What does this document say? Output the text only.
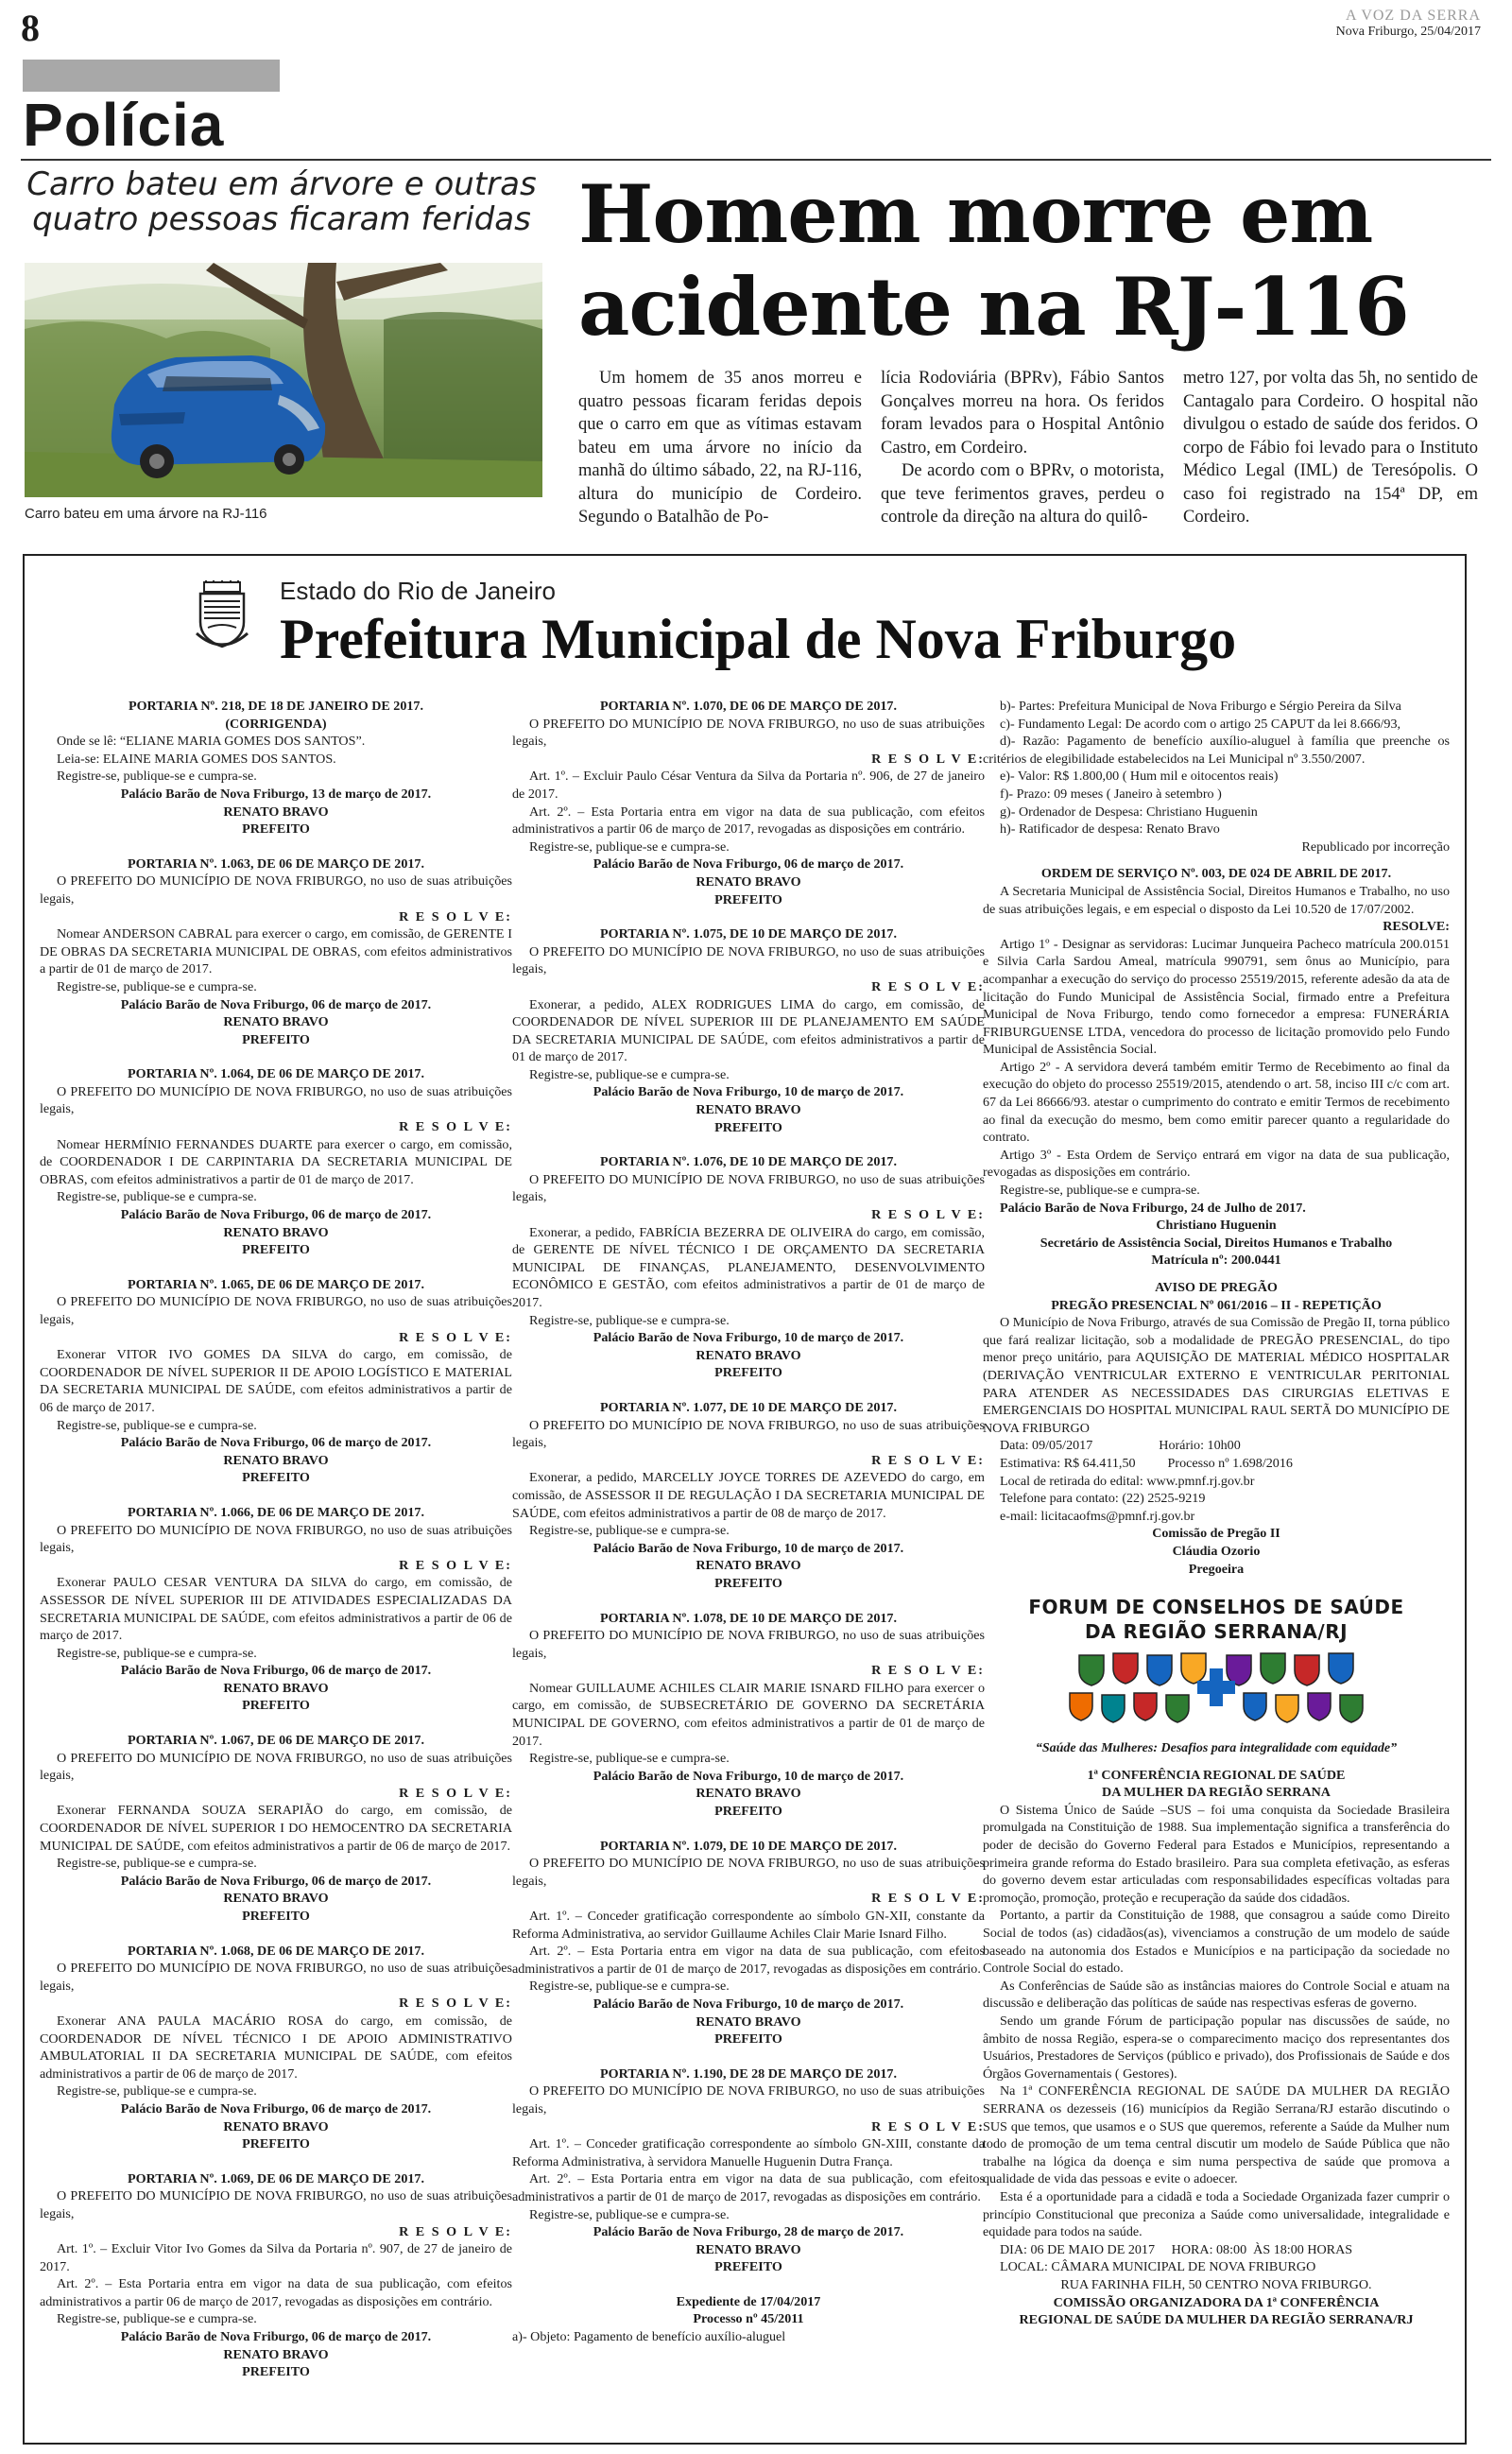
8	A VOZ DA SERRA
Nova Friburgo, 25/04/2017
Polícia
Carro bateu em árvore e outras quatro pessoas ficaram feridas
Carro bateu em uma árvore na RJ-116
Homem morre em acidente na RJ-116

Um homem de 35 anos morreu e quatro pessoas ficaram feridas depois que o carro em que as vítimas estavam bateu em uma árvore no início da manhã do último sábado, 22, na RJ-116, altura do município de Cordeiro. Segundo o Batalhão de Po-

lícia Rodoviária (BPRv), Fábio Santos Gonçalves morreu na hora. Os feridos foram levados para o Hospital Antônio Castro, em Cordeiro.

De acordo com o BPRv, o motorista, que teve ferimentos graves, perdeu o controle da direção na altura do quilô-

metro 127, por volta das 5h, no sentido de Cantagalo para Cordeiro. O hospital não divulgou o estado de saúde dos feridos. O corpo de Fábio foi levado para o Instituto Médico Legal (IML) de Teresópolis. O caso foi registrado na 154ª DP, em Cordeiro.

Estado do Rio de Janeiro
Prefeitura Municipal de Nova Friburgo

PORTARIA Nº. 218, DE 18 DE JANEIRO DE 2017.

(CORRIGENDA)

Onde se lê: “ELIANE MARIA GOMES DOS SANTOS”.

Leia-se: ELAINE MARIA GOMES DOS SANTOS.

Registre-se, publique-se e cumpra-se.

Palácio Barão de Nova Friburgo, 13 de março de 2017.

RENATO BRAVO

PREFEITO

PORTARIA Nº. 1.063, DE 06 DE MARÇO DE 2017.

O PREFEITO DO MUNICÍPIO DE NOVA FRIBURGO, no uso de suas atribuições legais,

R E S O L V E:

Nomear ANDERSON CABRAL para exercer o cargo, em comissão, de GERENTE I DE OBRAS DA SECRETARIA MUNICIPAL DE OBRAS, com efeitos administrativos a partir de 01 de março de 2017.

Registre-se, publique-se e cumpra-se.

Palácio Barão de Nova Friburgo, 06 de março de 2017.

RENATO BRAVO

PREFEITO

PORTARIA Nº. 1.064, DE 06 DE MARÇO DE 2017.

O PREFEITO DO MUNICÍPIO DE NOVA FRIBURGO, no uso de suas atribuições legais,

R E S O L V E:

Nomear HERMÍNIO FERNANDES DUARTE para exercer o cargo, em comissão, de COORDENADOR I DE CARPINTARIA DA SECRETARIA MUNICIPAL DE OBRAS, com efeitos administrativos a partir de 01 de março de 2017.

Registre-se, publique-se e cumpra-se.

Palácio Barão de Nova Friburgo, 06 de março de 2017.

RENATO BRAVO

PREFEITO

PORTARIA Nº. 1.065, DE 06 DE MARÇO DE 2017.

O PREFEITO DO MUNICÍPIO DE NOVA FRIBURGO, no uso de suas atribuições legais,

R E S O L V E:

Exonerar VITOR IVO GOMES DA SILVA do cargo, em comissão, de COORDENADOR DE NÍVEL SUPERIOR II DE APOIO LOGÍSTICO E MATERIAL DA SECRETARIA MUNICIPAL DE SAÚDE, com efeitos administrativos a partir de 06 de março de 2017.

Registre-se, publique-se e cumpra-se.

Palácio Barão de Nova Friburgo, 06 de março de 2017.

RENATO BRAVO

PREFEITO

PORTARIA Nº. 1.066, DE 06 DE MARÇO DE 2017.

O PREFEITO DO MUNICÍPIO DE NOVA FRIBURGO, no uso de suas atribuições legais,

R E S O L V E:

Exonerar PAULO CESAR VENTURA DA SILVA do cargo, em comissão, de ASSESSOR DE NÍVEL SUPERIOR III DE ATIVIDADES ESPECIALIZADAS DA SECRETARIA MUNICIPAL DE SAÚDE, com efeitos administrativos a partir de 06 de março de 2017.

Registre-se, publique-se e cumpra-se.

Palácio Barão de Nova Friburgo, 06 de março de 2017.

RENATO BRAVO

PREFEITO

PORTARIA Nº. 1.067, DE 06 DE MARÇO DE 2017.

O PREFEITO DO MUNICÍPIO DE NOVA FRIBURGO, no uso de suas atribuições legais,

R E S O L V E:

Exonerar FERNANDA SOUZA SERAPIÃO do cargo, em comissão, de COORDENADOR DE NÍVEL SUPERIOR I DO HEMOCENTRO DA SECRETARIA MUNICIPAL DE SAÚDE, com efeitos administrativos a partir de 06 de março de 2017.

Registre-se, publique-se e cumpra-se.

Palácio Barão de Nova Friburgo, 06 de março de 2017.

RENATO BRAVO

PREFEITO

PORTARIA Nº. 1.068, DE 06 DE MARÇO DE 2017.

O PREFEITO DO MUNICÍPIO DE NOVA FRIBURGO, no uso de suas atribuições legais,

R E S O L V E:

Exonerar ANA PAULA MACÁRIO ROSA do cargo, em comissão, de COORDENADOR DE NÍVEL TÉCNICO I DE APOIO ADMINISTRATIVO AMBULATORIAL II DA SECRETARIA MUNICIPAL DE SAÚDE, com efeitos administrativos a partir de 06 de março de 2017.

Registre-se, publique-se e cumpra-se.

Palácio Barão de Nova Friburgo, 06 de março de 2017.

RENATO BRAVO

PREFEITO

PORTARIA Nº. 1.069, DE 06 DE MARÇO DE 2017.

O PREFEITO DO MUNICÍPIO DE NOVA FRIBURGO, no uso de suas atribuições legais,

R E S O L V E:

Art. 1º. – Excluir Vitor Ivo Gomes da Silva da Portaria nº. 907, de 27 de janeiro de 2017.

Art. 2º. – Esta Portaria entra em vigor na data de sua publicação, com efeitos administrativos a partir 06 de março de 2017, revogadas as disposições em contrário.

Registre-se, publique-se e cumpra-se.

Palácio Barão de Nova Friburgo, 06 de março de 2017.

RENATO BRAVO

PREFEITO

PORTARIA Nº. 1.070, DE 06 DE MARÇO DE 2017.

O PREFEITO DO MUNICÍPIO DE NOVA FRIBURGO, no uso de suas atribuições legais,

R E S O L V E:

Art. 1º. – Excluir Paulo César Ventura da Silva da Portaria nº. 906, de 27 de janeiro de 2017.

Art. 2º. – Esta Portaria entra em vigor na data de sua publicação, com efeitos administrativos a partir 06 de março de 2017, revogadas as disposições em contrário.

Registre-se, publique-se e cumpra-se.

Palácio Barão de Nova Friburgo, 06 de março de 2017.

RENATO BRAVO

PREFEITO

PORTARIA Nº. 1.075, DE 10 DE MARÇO DE 2017.

O PREFEITO DO MUNICÍPIO DE NOVA FRIBURGO, no uso de suas atribuições legais,

R E S O L V E:

Exonerar, a pedido, ALEX RODRIGUES LIMA do cargo, em comissão, de COORDENADOR DE NÍVEL SUPERIOR III DE PLANEJAMENTO EM SAÚDE DA SECRETARIA MUNICIPAL DE SAÚDE, com efeitos administrativos a partir de 01 de março de 2017.

Registre-se, publique-se e cumpra-se.

Palácio Barão de Nova Friburgo, 10 de março de 2017.

RENATO BRAVO

PREFEITO

PORTARIA Nº. 1.076, DE 10 DE MARÇO DE 2017.

O PREFEITO DO MUNICÍPIO DE NOVA FRIBURGO, no uso de suas atribuições legais,

R E S O L V E:

Exonerar, a pedido, FABRÍCIA BEZERRA DE OLIVEIRA do cargo, em comissão, de GERENTE DE NÍVEL TÉCNICO I DE ORÇAMENTO DA SECRETARIA MUNICIPAL DE FINANÇAS, PLANEJAMENTO, DESENVOLVIMENTO ECONÔMICO E GESTÃO, com efeitos administrativos a partir de 01 de março de 2017.

Registre-se, publique-se e cumpra-se.

Palácio Barão de Nova Friburgo, 10 de março de 2017.

RENATO BRAVO

PREFEITO

PORTARIA Nº. 1.077, DE 10 DE MARÇO DE 2017.

O PREFEITO DO MUNICÍPIO DE NOVA FRIBURGO, no uso de suas atribuições legais,

R E S O L V E:

Exonerar, a pedido, MARCELLY JOYCE TORRES DE AZEVEDO do cargo, em comissão, de ASSESSOR II DE REGULAÇÃO I DA SECRETARIA MUNICIPAL DE SAÚDE, com efeitos administrativos a partir de 08 de março de 2017.

Registre-se, publique-se e cumpra-se.

Palácio Barão de Nova Friburgo, 10 de março de 2017.

RENATO BRAVO

PREFEITO

PORTARIA Nº. 1.078, DE 10 DE MARÇO DE 2017.

O PREFEITO DO MUNICÍPIO DE NOVA FRIBURGO, no uso de suas atribuições legais,

R E S O L V E:

Nomear GUILLAUME ACHILES CLAIR MARIE ISNARD FILHO para exercer o cargo, em comissão, de SUBSECRETÁRIO DE GOVERNO DA SECRETÁRIA MUNICIPAL DE GOVERNO, com efeitos administrativos a partir de 01 de março de 2017.

Registre-se, publique-se e cumpra-se.

Palácio Barão de Nova Friburgo, 10 de março de 2017.

RENATO BRAVO

PREFEITO

PORTARIA Nº. 1.079, DE 10 DE MARÇO DE 2017.

O PREFEITO DO MUNICÍPIO DE NOVA FRIBURGO, no uso de suas atribuições legais,

R E S O L V E:

Art. 1º. – Conceder gratificação correspondente ao símbolo GN-XII, constante da Reforma Administrativa, ao servidor Guillaume Achiles Clair Marie Isnard Filho.

Art. 2º. – Esta Portaria entra em vigor na data de sua publicação, com efeitos administrativos a partir de 01 de março de 2017, revogadas as disposições em contrário.

Registre-se, publique-se e cumpra-se.

Palácio Barão de Nova Friburgo, 10 de março de 2017.

RENATO BRAVO

PREFEITO

PORTARIA Nº. 1.190, DE 28 DE MARÇO DE 2017.

O PREFEITO DO MUNICÍPIO DE NOVA FRIBURGO, no uso de suas atribuições legais,

R E S O L V E:

Art. 1º. – Conceder gratificação correspondente ao símbolo GN-XIII, constante da Reforma Administrativa, à servidora Manuelle Huguenin Dutra França.

Art. 2º. – Esta Portaria entra em vigor na data de sua publicação, com efeitos administrativos a partir de 01 de março de 2017, revogadas as disposições em contrário.

Registre-se, publique-se e cumpra-se.

Palácio Barão de Nova Friburgo, 28 de março de 2017.

RENATO BRAVO

PREFEITO

Expediente de 17/04/2017

Processo nº 45/2011

a)- Objeto: Pagamento de benefício auxílio-aluguel

b)- Partes: Prefeitura Municipal de Nova Friburgo e Sérgio Pereira da Silva

c)- Fundamento Legal: De acordo com o artigo 25 CAPUT da lei 8.666/93,

d)- Razão: Pagamento de benefício auxílio-aluguel à família que preenche os critérios de elegibilidade estabelecidos na Lei Municipal nº 3.550/2007.

e)- Valor: R$ 1.800,00 ( Hum mil e oitocentos reais)

f)- Prazo: 09 meses ( Janeiro à setembro )

g)- Ordenador de Despesa: Christiano Huguenin

h)- Ratificador de despesa: Renato Bravo

Republicado por incorreção

ORDEM DE SERVIÇO Nº. 003, DE 024 DE ABRIL DE 2017.

A Secretaria Municipal de Assistência Social, Direitos Humanos e Trabalho, no uso de suas atribuições legais, e em especial o disposto da Lei 10.520 de 17/07/2002.

RESOLVE:

Artigo 1º - Designar as servidoras: Lucimar Junqueira Pacheco matrícula 200.0151 e Silvia Carla Sardou Ameal, matrícula 990791, sem ônus ao Município, para acompanhar a execução do serviço do processo 25519/2015, referente adesão da ata de licitação do Fundo Municipal de Assistência Social, firmado entre a Prefeitura Municipal de Nova Friburgo, tendo como fornecedor a empresa: FUNERÁRIA FRIBURGUENSE LTDA, vencedora do processo de licitação promovido pelo Fundo Municipal de Assistência Social.

Artigo 2º - A servidora deverá também emitir Termo de Recebimento ao final da execução do objeto do processo 25519/2015, atendendo o art. 58, inciso III c/c com art. 67 da Lei 86666/93. atestar o cumprimento do contrato e emitir Termos de recebimento ao final da execução do mesmo, bem como emitir parecer quanto a regularidade do contrato.

Artigo 3º - Esta Ordem de Serviço entrará em vigor na data de sua publicação, revogadas as disposições em contrário.

Registre-se, publique-se e cumpra-se.

Palácio Barão de Nova Friburgo, 24 de Julho de 2017.

Christiano Huguenin

Secretário de Assistência Social, Direitos Humanos e Trabalho

Matrícula nº: 200.0441

AVISO DE PREGÃO

PREGÃO PRESENCIAL Nº 061/2016 – II - REPETIÇÃO

O Município de Nova Friburgo, através de sua Comissão de Pregão II, torna público que fará realizar licitação, sob a modalidade de PREGÃO PRESENCIAL, do tipo menor preço unitário, para AQUISIÇÃO DE MATERIAL MÉDICO HOSPITALAR (DERIVAÇÃO VENTRICULAR EXTERNO E VENTRICULAR PERITONIAL PARA ATENDER AS NECESSIDADES DAS CIRURGIAS ELETIVAS E EMERGENCIAIS DO HOSPITAL MUNICIPAL RAUL SERTÃ DO MUNICÍPIO DE NOVA FRIBURGO

Data: 09/05/2017	Horário: 10h00

Estimativa: R$ 64.411,50 Processo nº 1.698/2016

Local de retirada do edital: www.pmnf.rj.gov.br

Telefone para contato: (22) 2525-9219

e-mail: licitacaofms@pmnf.rj.gov.br

Comissão de Pregão II

Cláudia Ozorio

Pregoeira

FORUM DE CONSELHOS DE SAÚDE
DA REGIÃO SERRANA/RJ
“Saúde das Mulheres: Desafios para integralidade com equidade”

1ª CONFERÊNCIA REGIONAL DE SAÚDE

DA MULHER DA REGIÃO SERRANA

O Sistema Único de Saúde –SUS – foi uma conquista da Sociedade Brasileira promulgada na Constituição de 1988. Sua implementação significa a transferência do poder de decisão do Governo Federal para Estados e Municípios, representando a primeira grande reforma do Estado brasileiro. Para sua completa efetivação, as esferas do governo devem estar articuladas com responsabilidades específicas voltadas para promoção, promoção, proteção e recuperação da saúde dos cidadãos.

Portanto, a partir da Constituição de 1988, que consagrou a saúde como Direito Social de todos (as) cidadãos(as), vivenciamos a construção de um modelo de saúde baseado na autonomia dos Estados e Municípios e na participação da sociedade no Controle Social do estado.

As Conferências de Saúde são as instâncias maiores do Controle Social e atuam na discussão e deliberação das políticas de saúde nas respectivas esferas de governo.

Sendo um grande Fórum de participação popular nas discussões de saúde, no âmbito de nossa Região, espera-se o comparecimento maciço dos representantes dos Usuários, Prestadores de Serviços (público e privado), dos Profissionais de Saúde e dos Órgãos Governamentais ( Gestores).

Na 1ª CONFERÊNCIA REGIONAL DE SAÚDE DA MULHER DA REGIÃO SERRANA os dezesseis (16) municípios da Região Serrana/RJ estarão discutindo o SUS que temos, que usamos e o SUS que queremos, referente a Saúde da Mulher num todo de promoção de um tema central discutir um modelo de Saúde Pública que não trabalhe na lógica da doença e sim numa perspectiva de saúde que promova a qualidade de vida das pessoas e evite o adoecer.

Esta é a oportunidade para a cidadã e toda a Sociedade Organizada fazer cumprir o princípio Constitucional que preconiza a Saúde como universalidade, integralidade e equidade para todos na saúde.

DIA: 06 DE MAIO DE 2017     HORA: 08:00  ÀS 18:00 HORAS

LOCAL: CÂMARA MUNICIPAL DE NOVA FRIBURGO

RUA FARINHA FILH, 50 CENTRO NOVA FRIBURGO.

COMISSÃO ORGANIZADORA DA 1ª CONFERÊNCIA

REGIONAL DE SAÚDE DA MULHER DA REGIÃO SERRANA/RJ
